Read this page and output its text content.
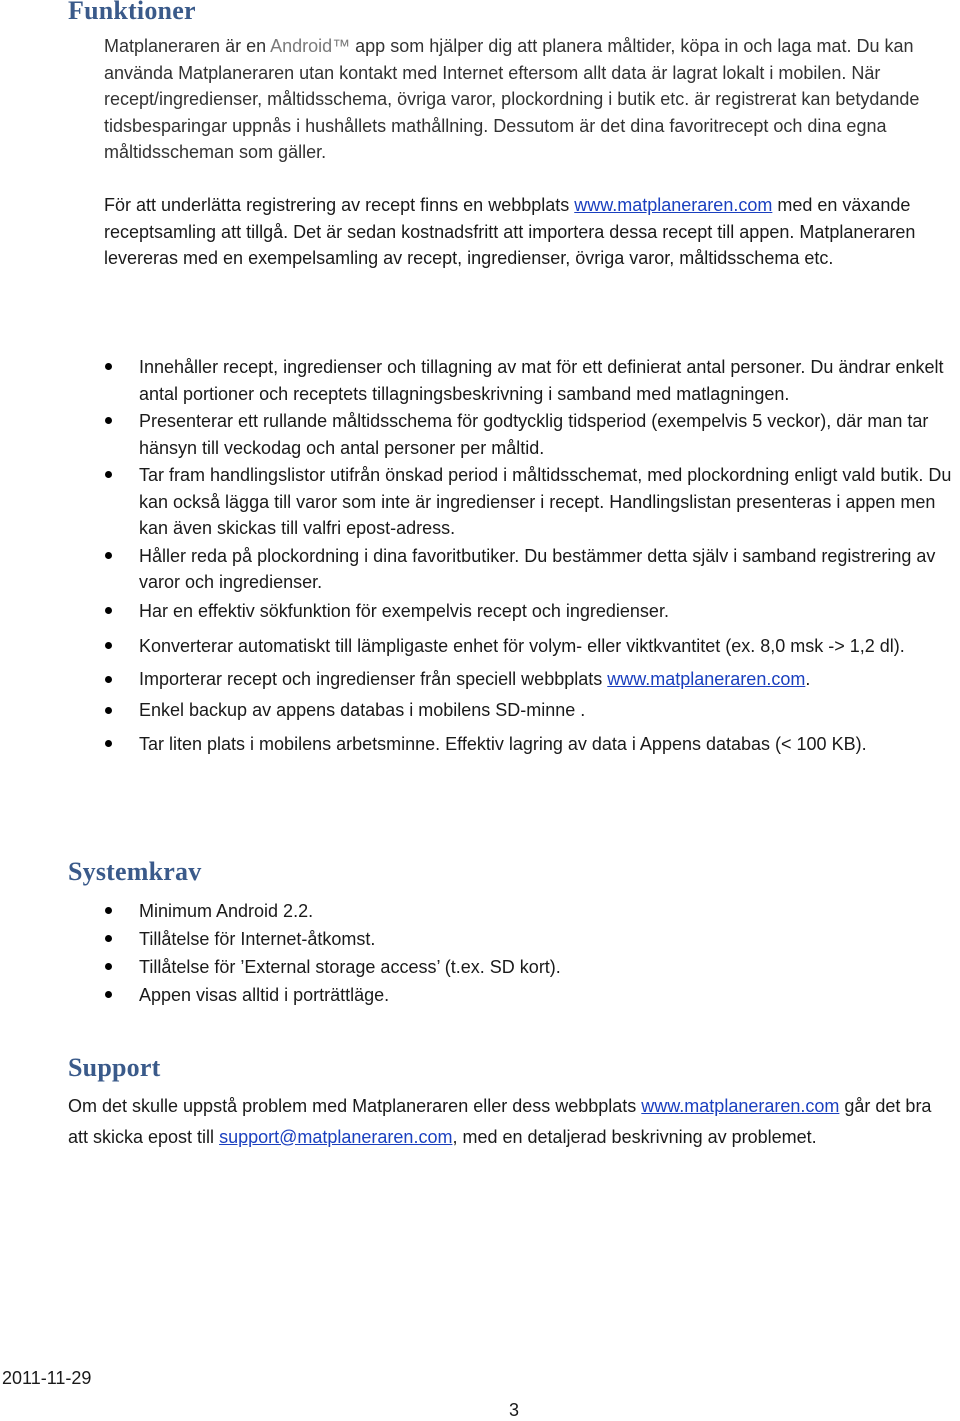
Funktioner

Matplaneraren är en Android™ app som hjälper dig att planera måltider, köpa in och laga mat. Du kan använda Matplaneraren utan kontakt med Internet eftersom allt data är lagrat lokalt i mobilen. När recept/ingredienser, måltidsschema, övriga varor, plockordning i butik etc. är registrerat kan betydande tidsbesparingar uppnås i hushållets mathållning. Dessutom är det dina favoritrecept och dina egna måltidsscheman som gäller.

För att underlätta registrering av recept finns en webbplats www.matplaneraren.com med en växande receptsamling att tillgå. Det är sedan kostnadsfritt att importera dessa recept till appen. Matplaneraren levereras med en exempelsamling av recept, ingredienser, övriga varor, måltidsschema etc.

Innehåller recept, ingredienser och tillagning av mat för ett definierat antal personer. Du ändrar enkelt antal portioner och receptets tillagningsbeskrivning i samband med matlagningen.
Presenterar ett rullande måltidsschema för godtycklig tidsperiod (exempelvis 5 veckor), där man tar hänsyn till veckodag och antal personer per måltid.
Tar fram handlingslistor utifrån önskad period i måltidsschemat, med plockordning enligt vald butik. Du kan också lägga till varor som inte är ingredienser i recept. Handlingslistan presenteras i appen men kan även skickas till valfri epost-adress.
Håller reda på plockordning i dina favoritbutiker. Du bestämmer detta själv i samband registrering av varor och ingredienser.
Har en effektiv sökfunktion för exempelvis recept och ingredienser.
Konverterar automatiskt till lämpligaste enhet för volym- eller viktkvantitet (ex. 8,0 msk -> 1,2 dl).
Importerar recept och ingredienser från speciell webbplats www.matplaneraren.com.
Enkel backup av appens databas i mobilens SD-minne .
Tar liten plats i mobilens arbetsminne. Effektiv lagring av data i Appens databas (< 100 KB).
Systemkrav
Minimum Android 2.2.
Tillåtelse för Internet-åtkomst.
Tillåtelse för ’External storage access’ (t.ex. SD kort).
Appen visas alltid i porträttläge.
Support

Om det skulle uppstå problem med Matplaneraren eller dess webbplats www.matplaneraren.com går det bra att skicka epost till support@matplaneraren.com, med en detaljerad beskrivning av problemet.

2011-11-29
3
